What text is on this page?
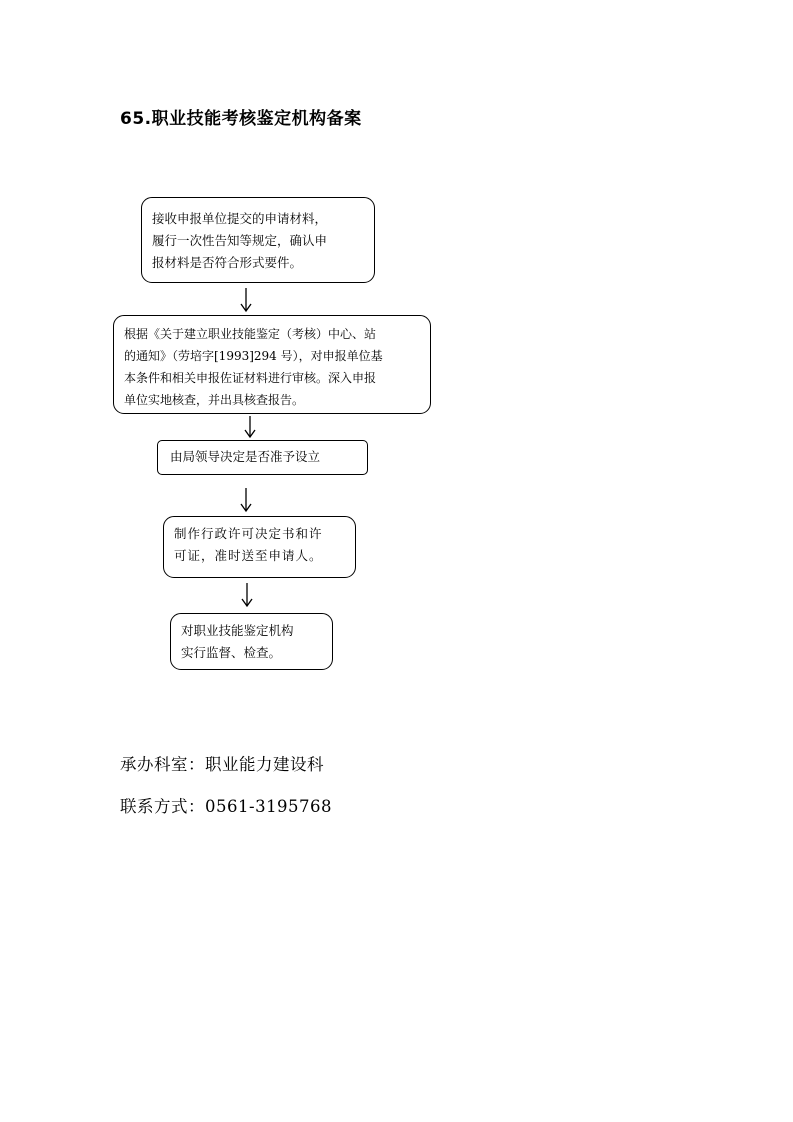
65.职业技能考核鉴定机构备案
接收申报单位提交的申请材料，
履行一次性告知等规定，确认申
报材料是否符合形式要件。
根据《关于建立职业技能鉴定（考核）中心、站
的通知》（劳培字[1993]294 号），对申报单位基
本条件和相关申报佐证材料进行审核。深入申报
单位实地核查，并出具核查报告。
由局领导决定是否准予设立
制作行政许可决定书和许
可证，准时送至申请人。
对职业技能鉴定机构
实行监督、检查。
承办科室：职业能力建设科
联系方式：0561-3195768
